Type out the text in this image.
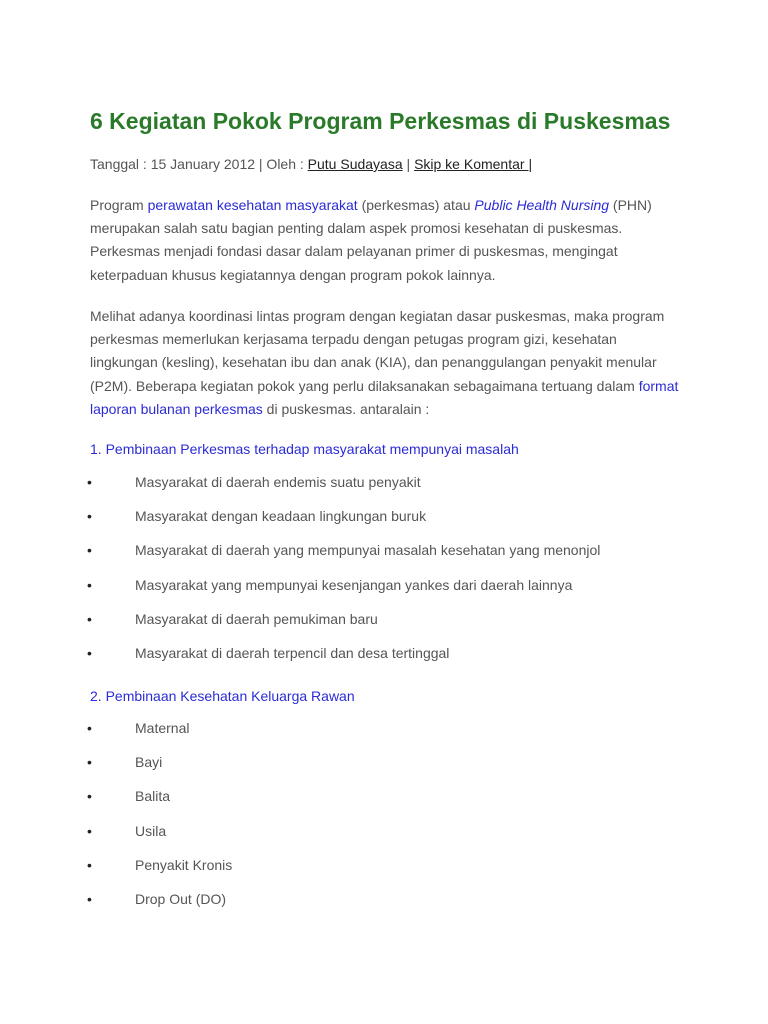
6 Kegiatan Pokok Program Perkesmas di Puskesmas

Tanggal : 15 January 2012 | Oleh : Putu Sudayasa | Skip ke Komentar |

Program perawatan kesehatan masyarakat (perkesmas) atau Public Health Nursing (PHN) merupakan salah satu bagian penting dalam aspek promosi kesehatan di puskesmas. Perkesmas menjadi fondasi dasar dalam pelayanan primer di puskesmas, mengingat keterpaduan khusus kegiatannya dengan program pokok lainnya.

Melihat adanya koordinasi lintas program dengan kegiatan dasar puskesmas, maka program perkesmas memerlukan kerjasama terpadu dengan petugas program gizi, kesehatan lingkungan (kesling), kesehatan ibu dan anak (KIA), dan penanggulangan penyakit menular (P2M). Beberapa kegiatan pokok yang perlu dilaksanakan sebagaimana tertuang dalam format laporan bulanan perkesmas di puskesmas. antaralain :

1. Pembinaan Perkesmas terhadap masyarakat mempunyai masalah

•	Masyarakat di daerah endemis suatu penyakit
•	Masyarakat dengan keadaan lingkungan buruk
•	Masyarakat di daerah yang mempunyai masalah kesehatan yang menonjol
•	Masyarakat yang mempunyai kesenjangan yankes dari daerah lainnya
•	Masyarakat di daerah pemukiman baru
•	Masyarakat di daerah terpencil dan desa tertinggal

2. Pembinaan Kesehatan Keluarga Rawan

•	Maternal
•	Bayi
•	Balita
•	Usila
•	Penyakit Kronis
•	Drop Out (DO)
